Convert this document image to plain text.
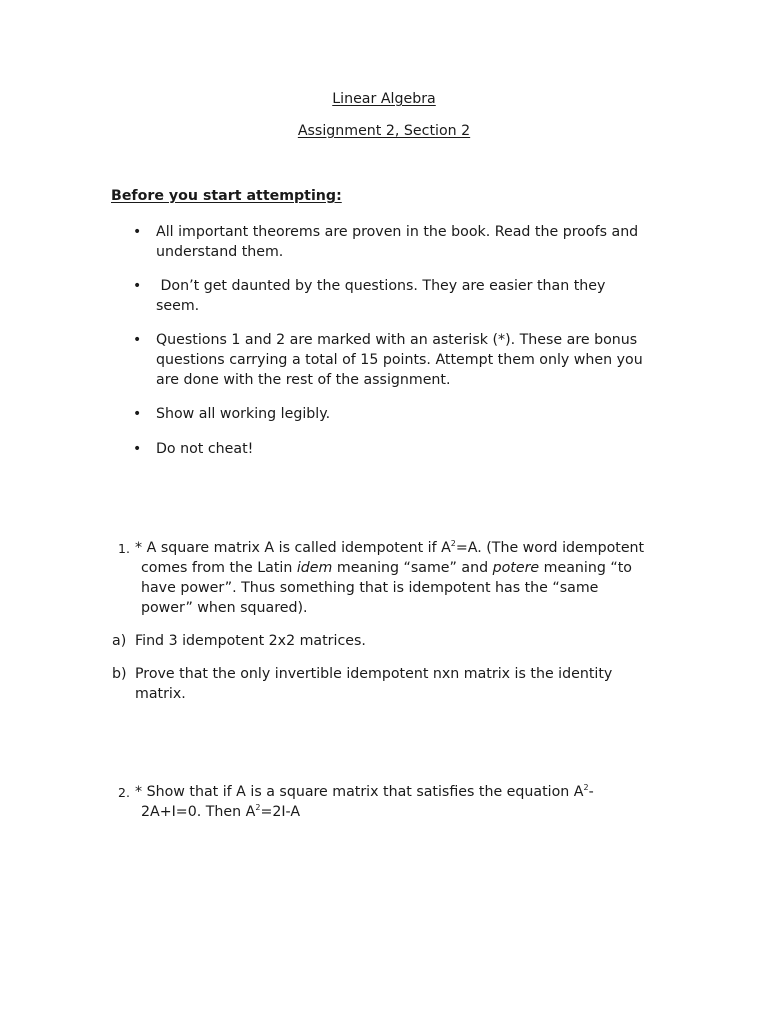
Linear Algebra
Assignment 2, Section 2
Before you start attempting:
• All important theorems are proven in the book. Read the proofs and
understand them.
• Don’t get daunted by the questions. They are easier than they
seem.
• Questions 1 and 2 are marked with an asterisk (*). These are bonus
questions carrying a total of 15 points. Attempt them only when you
are done with the rest of the assignment.
• Show all working legibly.
• Do not cheat!
1. * A square matrix A is called idempotent if $A^2=A$. (The word idempotent
comes from the Latin idem meaning “same” and potere meaning “to
have power”. Thus something that is idempotent has the “same
power” when squared).
a) Find 3 idempotent 2x2 matrices.
b) Prove that the only invertible idempotent nxn matrix is the identity
matrix.
2. * Show that if A is a square matrix that satisfies the equation $A^2-$
2A+I=0. Then $A^2=2I-A$
